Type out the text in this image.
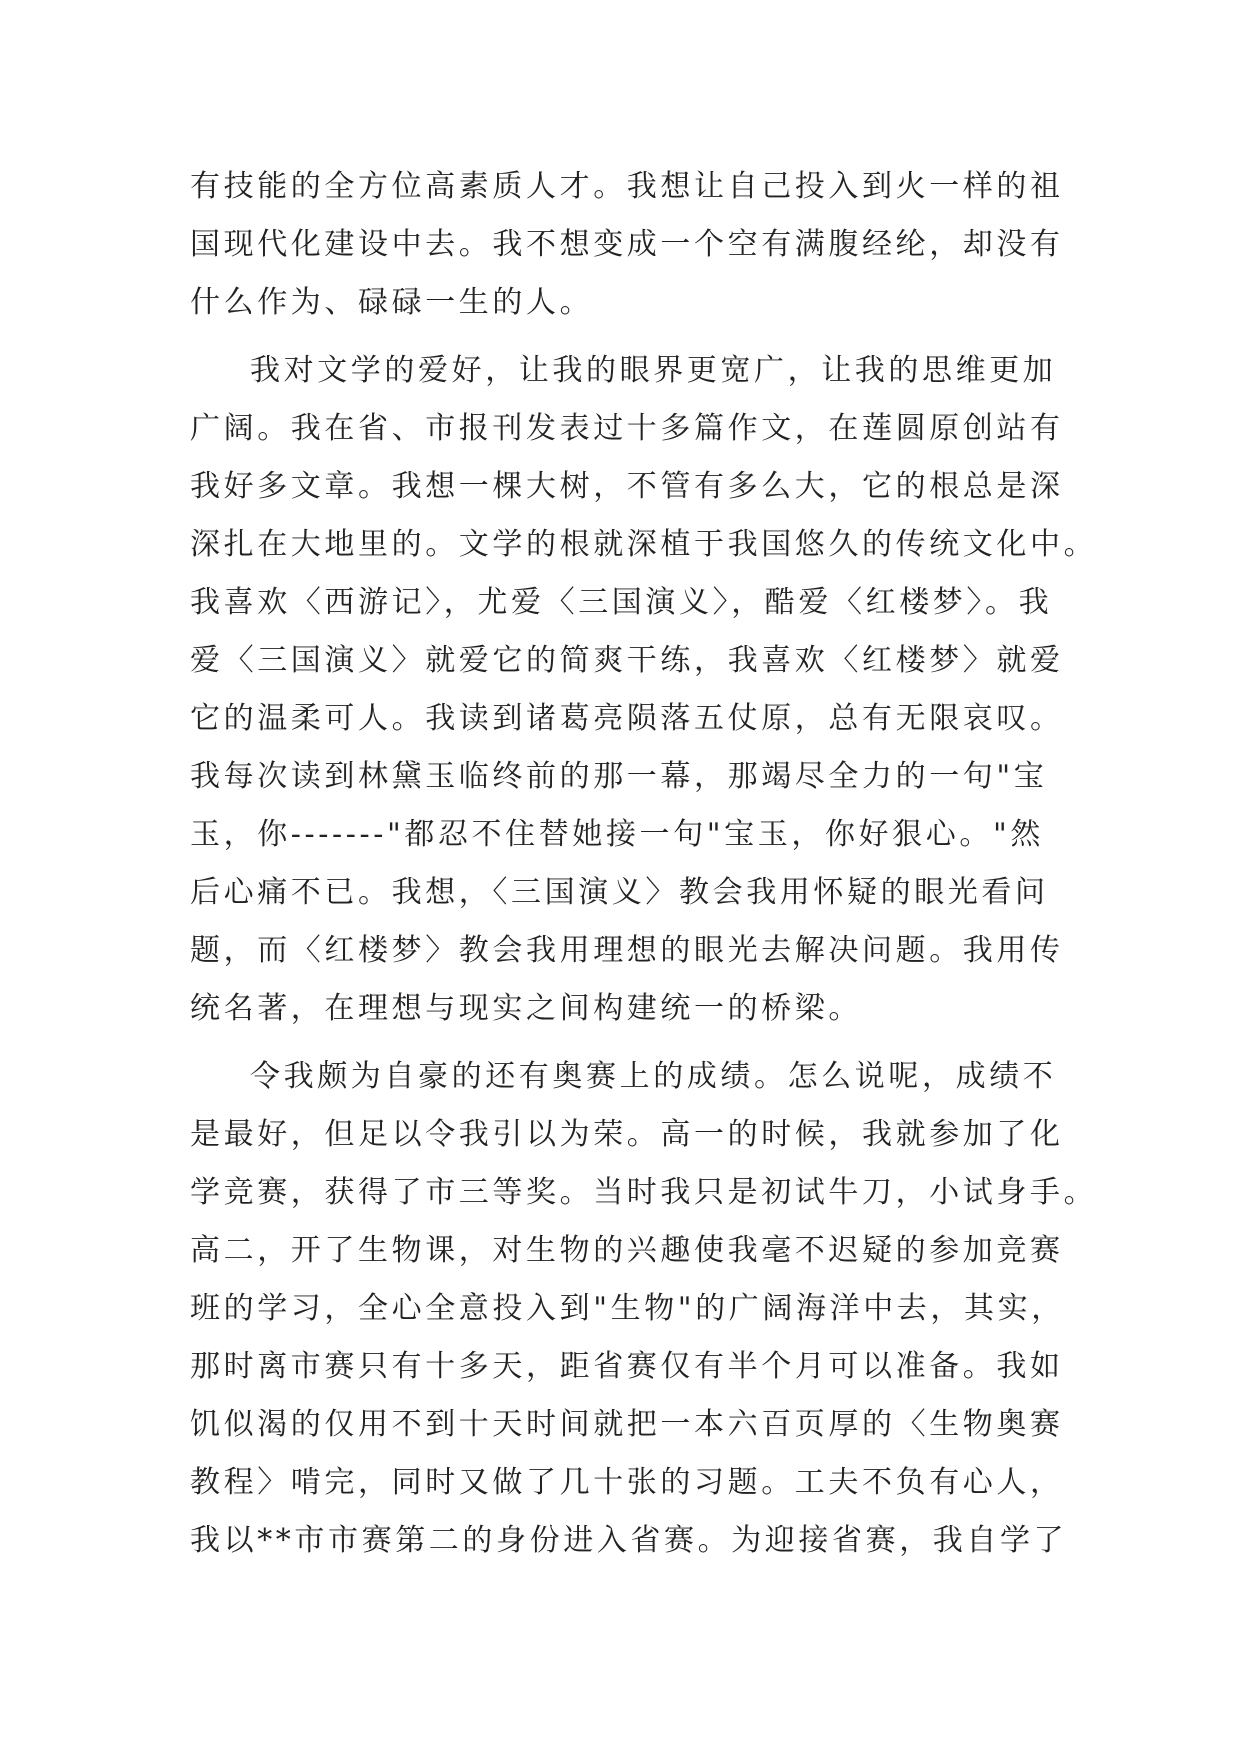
有技能的全方位高素质人才。我想让自己投入到火一样的祖
国现代化建设中去。我不想变成一个空有满腹经纶，却没有
什么作为、碌碌一生的人。
我对文学的爱好，让我的眼界更宽广，让我的思维更加
广阔。我在省、市报刊发表过十多篇作文，在莲圆原创站有
我好多文章。我想一棵大树，不管有多么大，它的根总是深
深扎在大地里的。文学的根就深植于我国悠久的传统文化中。
我喜欢〈西游记〉，尤爱〈三国演义〉，酷爱〈红楼梦〉。我
爱〈三国演义〉就爱它的简爽干练，我喜欢〈红楼梦〉就爱
它的温柔可人。我读到诸葛亮陨落五仗原，总有无限哀叹。
我每次读到林黛玉临终前的那一幕，那竭尽全力的一句"宝
玉，你-------"都忍不住替她接一句"宝玉，你好狠心。"然
后心痛不已。我想，〈三国演义〉教会我用怀疑的眼光看问
题，而〈红楼梦〉教会我用理想的眼光去解决问题。我用传
统名著，在理想与现实之间构建统一的桥梁。
令我颇为自豪的还有奥赛上的成绩。怎么说呢，成绩不
是最好，但足以令我引以为荣。高一的时候，我就参加了化
学竞赛，获得了市三等奖。当时我只是初试牛刀，小试身手。
高二，开了生物课，对生物的兴趣使我毫不迟疑的参加竞赛
班的学习，全心全意投入到"生物"的广阔海洋中去，其实，
那时离市赛只有十多天，距省赛仅有半个月可以准备。我如
饥似渴的仅用不到十天时间就把一本六百页厚的〈生物奥赛
教程〉啃完，同时又做了几十张的习题。工夫不负有心人，
我以**市市赛第二的身份进入省赛。为迎接省赛，我自学了
